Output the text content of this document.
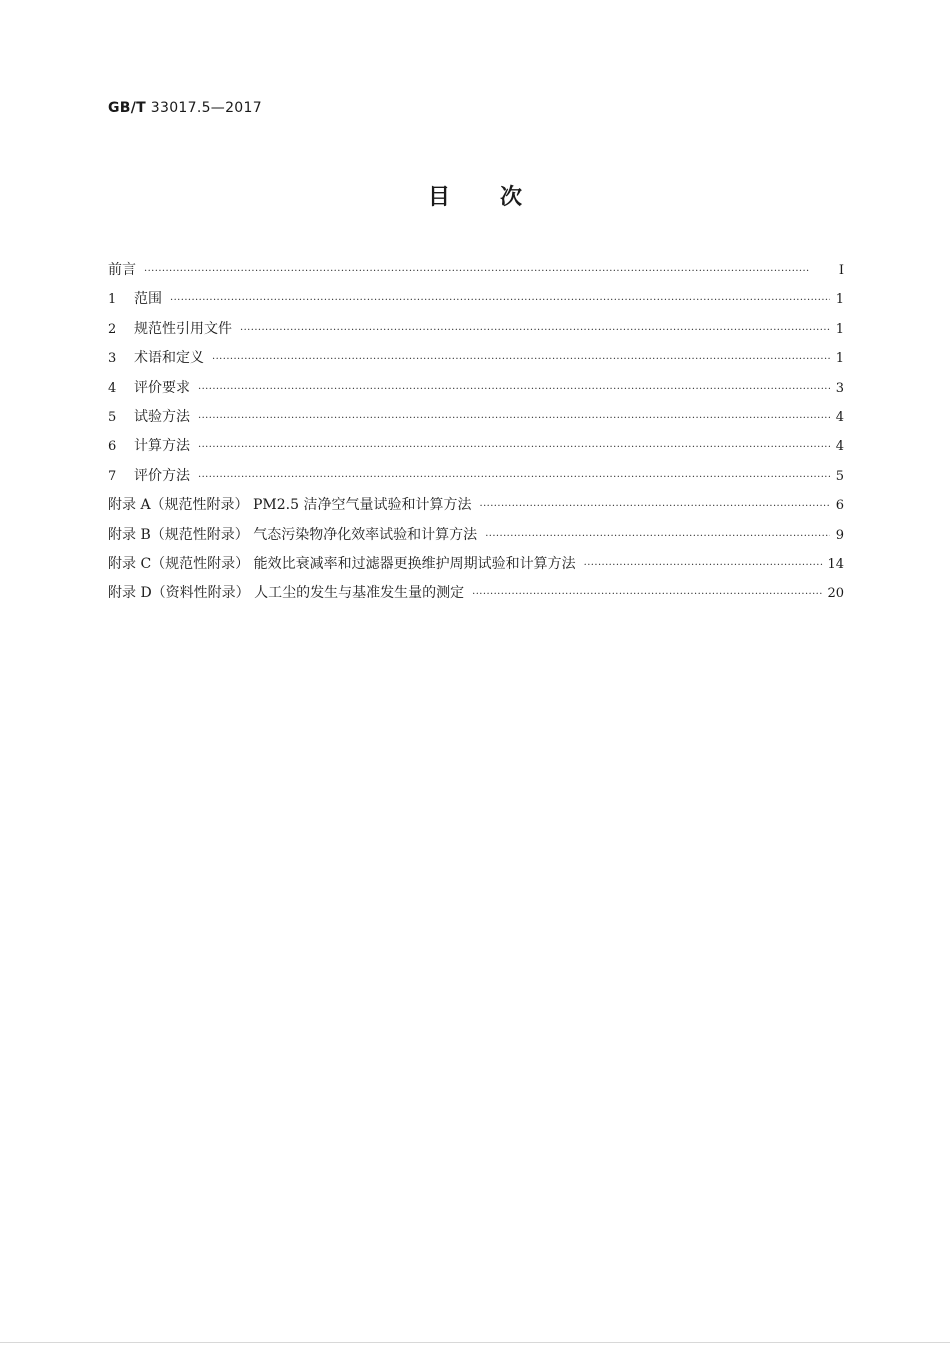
GB/T 33017.5—2017
目次
前言 ·····	Ⅰ
1	范围 ·····	1
2	规范性引用文件 ·····	1
3	术语和定义 ·····	1
4	评价要求 ·····	3
5	试验方法 ·····	4
6	计算方法 ·····	4
7	评价方法 ·····	5
附录 A（规范性附录） PM2.5 洁净空气量试验和计算方法 ·····	6
附录 B（规范性附录） 气态污染物净化效率试验和计算方法 ·····	9
附录 C（规范性附录） 能效比衰减率和过滤器更换维护周期试验和计算方法 ·····	14
附录 D（资料性附录） 人工尘的发生与基准发生量的测定 ·····	20
